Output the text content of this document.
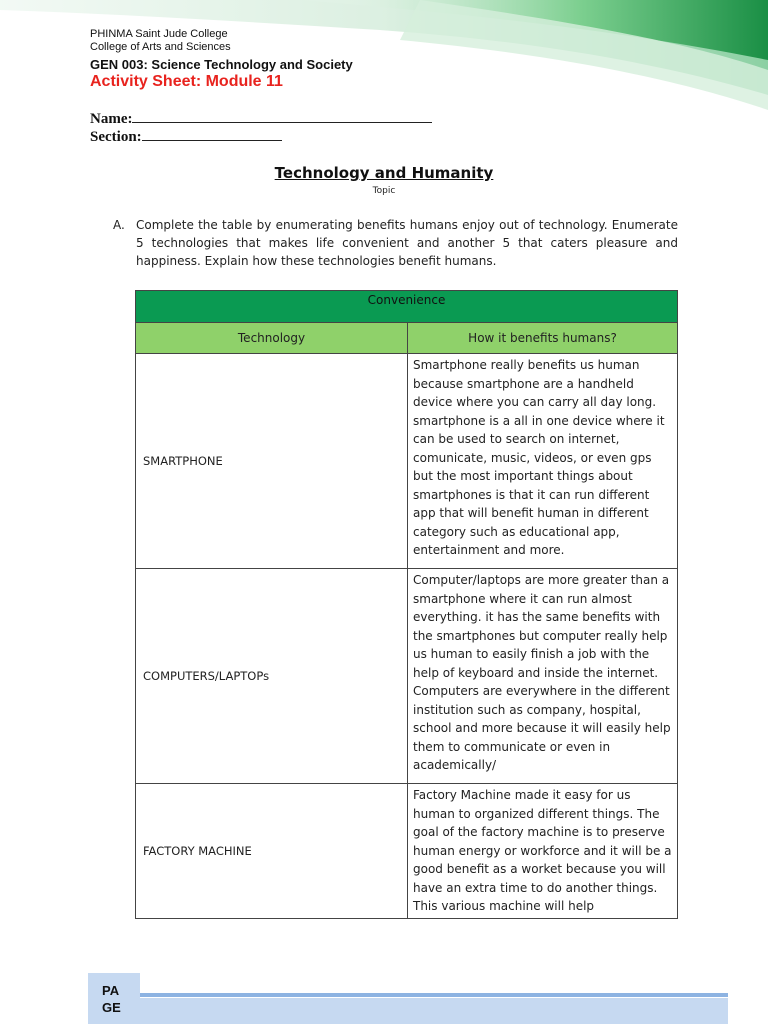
PHINMA Saint Jude College
College of Arts and Sciences
GEN 003: Science Technology and Society
Activity Sheet: Module 11
Name:
Section:
Technology and Humanity
Topic
A. Complete the table by enumerating benefits humans enjoy out of technology. Enumerate 5 technologies that makes life convenient and another 5 that caters pleasure and happiness. Explain how these technologies benefit humans.
Convenience	
Technology	How it benefits humans?
SMARTPHONE	Smartphone really benefits us human because smartphone are a handheld device where you can carry all day long. smartphone is a all in one device where it can be used to search on internet, comunicate, music, videos, or even gps but the most important things about smartphones is that it can run different app that will benefit human in different category such as educational app, entertainment and more.
COMPUTERS/LAPTOPs	Computer/laptops are more greater than a smartphone where it can run almost everything. it has the same benefits with the smartphones but computer really help us human to easily finish a job with the help of keyboard and inside the internet. Computers are everywhere in the different institution such as company, hospital, school and more because it will easily help them to communicate or even in academically/
FACTORY MACHINE	Factory Machine made it easy for us human to organized different things. The goal of the factory machine is to preserve human energy or workforce and it will be a good benefit as a worket because you will have an extra time to do another things. This various machine will help
PA GE
